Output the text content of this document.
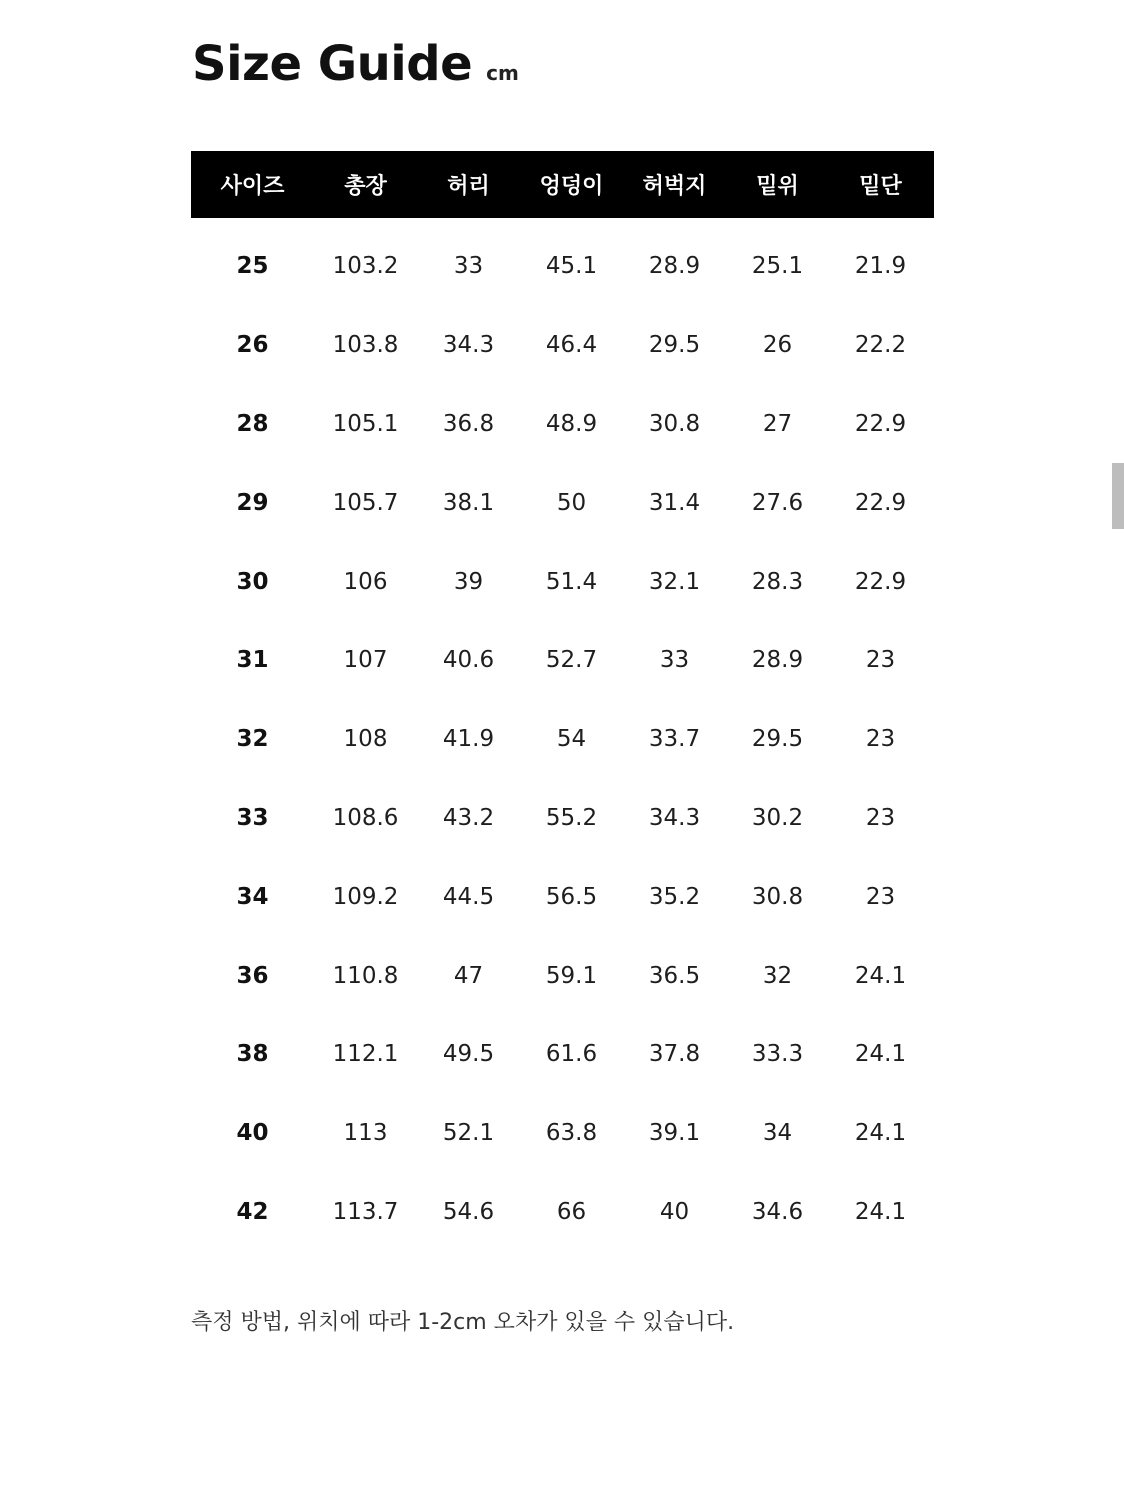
Size Guide cm
사이즈	총장	허리	엉덩이	허벅지	밑위	밑단
25	103.2	33	45.1	28.9	25.1	21.9
26	103.8	34.3	46.4	29.5	26	22.2
28	105.1	36.8	48.9	30.8	27	22.9
29	105.7	38.1	50	31.4	27.6	22.9
30	106	39	51.4	32.1	28.3	22.9
31	107	40.6	52.7	33	28.9	23
32	108	41.9	54	33.7	29.5	23
33	108.6	43.2	55.2	34.3	30.2	23
34	109.2	44.5	56.5	35.2	30.8	23
36	110.8	47	59.1	36.5	32	24.1
38	112.1	49.5	61.6	37.8	33.3	24.1
40	113	52.1	63.8	39.1	34	24.1
42	113.7	54.6	66	40	34.6	24.1
측정 방법, 위치에 따라 1-2cm 오차가 있을 수 있습니다.
